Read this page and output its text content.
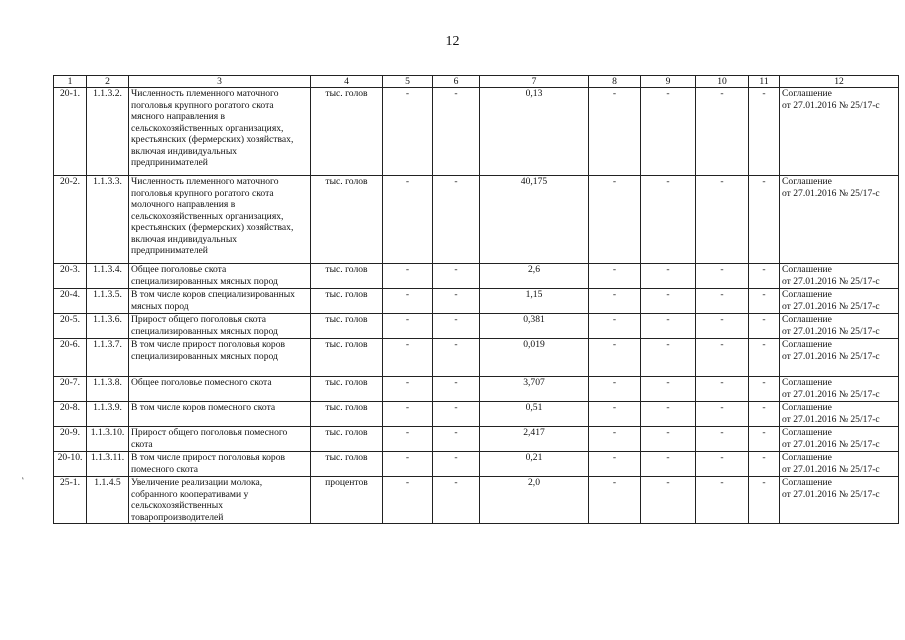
12
1	2	3	4	5	6	7	8	9	10	11	12
20-1.	1.1.3.2.	Численность племенного маточного поголовья крупного рогатого скота мясного направления в сельскохозяйственных организациях, крестьянских (фермерских) хозяйствах, включая индивидуальных предпринимателей	тыс. голов	-	-	0,13	-	-	-	-	Соглашение
от 27.01.2016 № 25/17-с

20-2.	1.1.3.3.	Численность племенного маточного поголовья крупного рогатого скота молочного направления в сельскохозяйственных организациях, крестьянских (фермерских) хозяйствах, включая индивидуальных предпринимателей	тыс. голов	-	-	40,175	-	-	-	-	Соглашение
от 27.01.2016 № 25/17-с

20-3.	1.1.3.4.	Общее поголовье скота специализированных мясных пород	тыс. голов	-	-	2,6	-	-	-	-	Соглашение
от 27.01.2016 № 25/17-с

20-4.	1.1.3.5.	В том числе коров специализированных мясных пород	тыс. голов	-	-	1,15	-	-	-	-	Соглашение
от 27.01.2016 № 25/17-с

20-5.	1.1.3.6.	Прирост общего поголовья скота специализированных мясных пород	тыс. голов	-	-	0,381	-	-	-	-	Соглашение
от 27.01.2016 № 25/17-с

20-6.	1.1.3.7.	В том числе прирост поголовья коров специализированных мясных пород	тыс. голов	-	-	0,019	-	-	-	-	Соглашение
от 27.01.2016 № 25/17-с

20-7.	1.1.3.8.	Общее поголовье помесного скота	тыс. голов	-	-	3,707	-	-	-	-	Соглашение
от 27.01.2016 № 25/17-с

20-8.	1.1.3.9.	В том числе коров помесного скота	тыс. голов	-	-	0,51	-	-	-	-	Соглашение
от 27.01.2016 № 25/17-с

20-9.	1.1.3.10.	Прирост общего поголовья помесного скота	тыс. голов	-	-	2,417	-	-	-	-	Соглашение
от 27.01.2016 № 25/17-с

20-10.	1.1.3.11.	В том числе прирост поголовья коров помесного скота	тыс. голов	-	-	0,21	-	-	-	-	Соглашение
от 27.01.2016 № 25/17-с

25-1.	1.1.4.5	Увеличение реализации молока, собранного кооперативами у сельскохозяйственных товаропроизводителей	процентов	-	-	2,0	-	-	-	-	Соглашение
от 27.01.2016 № 25/17-с
`
